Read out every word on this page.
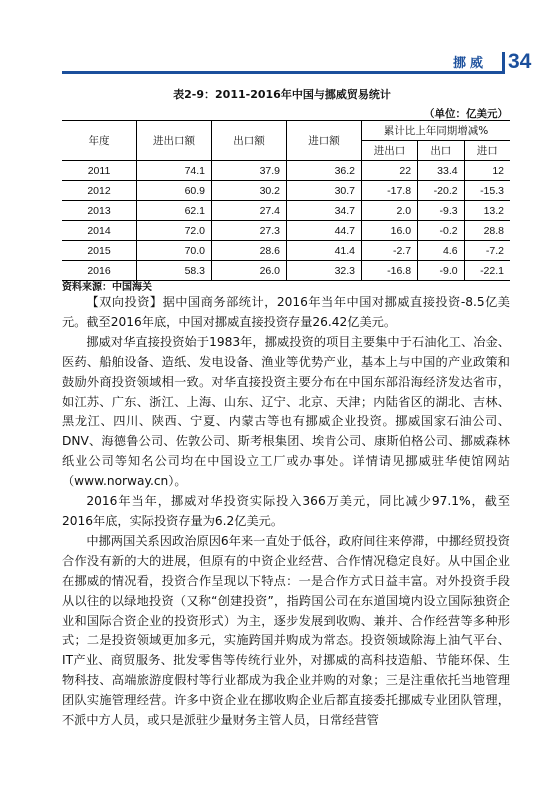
挪威 34
表2-9：2011-2016年中国与挪威贸易统计
（单位：亿美元）
年度	进出口额	出口额	进口额	累计比上年同期增减%		
				进出口	出口	进口
2011	74.1	37.9	36.2	22	33.4	12
2012	60.9	30.2	30.7	-17.8	-20.2	-15.3
2013	62.1	27.4	34.7	2.0	-9.3	13.2
2014	72.0	27.3	44.7	16.0	-0.2	28.8
2015	70.0	28.6	41.4	-2.7	4.6	-7.2
2016	58.3	26.0	32.3	-16.8	-9.0	-22.1
资料来源：中国海关

【双向投资】据中国商务部统计，2016年当年中国对挪威直接投资-8.5亿美元。截至2016年底，中国对挪威直接投资存量26.42亿美元。

挪威对华直接投资始于1983年，挪威投资的项目主要集中于石油化工、冶金、医药、船舶设备、造纸、发电设备、渔业等优势产业，基本上与中国的产业政策和鼓励外商投资领域相一致。对华直接投资主要分布在中国东部沿海经济发达省市，如江苏、广东、浙江、上海、山东、辽宁、北京、天津；内陆省区的湖北、吉林、黑龙江、四川、陕西、宁夏、内蒙古等也有挪威企业投资。挪威国家石油公司、DNV、海德鲁公司、佐敦公司、斯考根集团、埃肯公司、康斯伯格公司、挪威森林纸业公司等知名公司均在中国设立工厂或办事处。详情请见挪威驻华使馆网站（www.norway.cn）。

2016年当年，挪威对华投资实际投入366万美元，同比减少97.1%，截至2016年底，实际投资存量为6.2亿美元。

中挪两国关系因政治原因6年来一直处于低谷，政府间往来停滞，中挪经贸投资合作没有新的大的进展，但原有的中资企业经营、合作情况稳定良好。从中国企业在挪威的情况看，投资合作呈现以下特点：一是合作方式日益丰富。对外投资手段从以往的以绿地投资（又称“创建投资”，指跨国公司在东道国境内设立国际独资企业和国际合资企业的投资形式）为主，逐步发展到收购、兼并、合作经营等多种形式；二是投资领域更加多元，实施跨国并购成为常态。投资领域除海上油气平台、IT产业、商贸服务、批发零售等传统行业外，对挪威的高科技造船、节能环保、生物科技、高端旅游度假村等行业都成为我企业并购的对象；三是注重依托当地管理团队实施管理经营。许多中资企业在挪收购企业后都直接委托挪威专业团队管理，不派中方人员，或只是派驻少量财务主管人员，日常经营管
